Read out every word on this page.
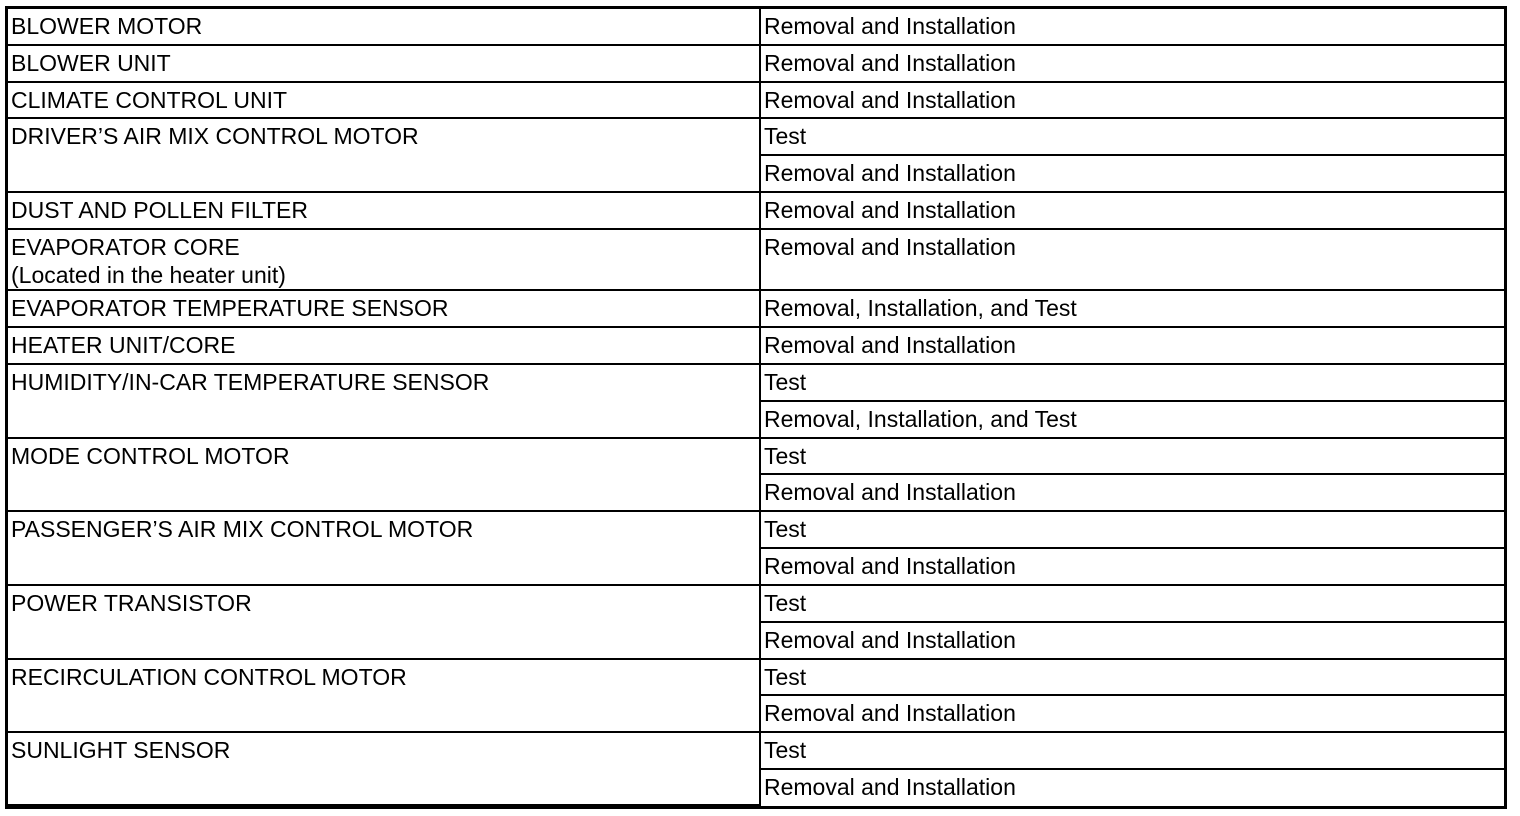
BLOWER MOTOR	Removal and Installation

BLOWER UNIT	Removal and Installation

CLIMATE CONTROL UNIT	Removal and Installation

DRIVER’S AIR MIX CONTROL MOTOR	Test
	Removal and Installation

DUST AND POLLEN FILTER	Removal and Installation

EVAPORATOR CORE
(Located in the heater unit)	Removal and Installation

EVAPORATOR TEMPERATURE SENSOR	Removal, Installation, and Test

HEATER UNIT/CORE	Removal and Installation

HUMIDITY/IN-CAR TEMPERATURE SENSOR	Test
	Removal, Installation, and Test

MODE CONTROL MOTOR	Test
	Removal and Installation

PASSENGER’S AIR MIX CONTROL MOTOR	Test
	Removal and Installation

POWER TRANSISTOR	Test
	Removal and Installation

RECIRCULATION CONTROL MOTOR	Test
	Removal and Installation

SUNLIGHT SENSOR	Test
	Removal and Installation
